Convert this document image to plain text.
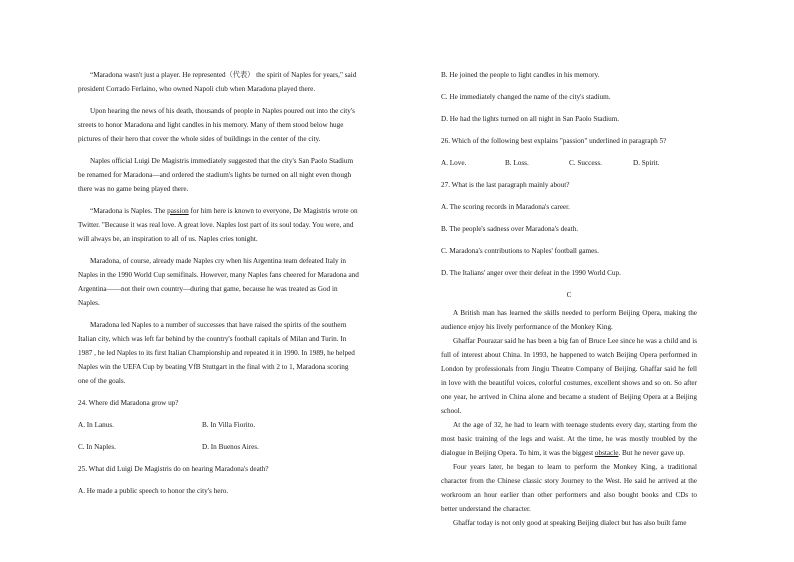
“Maradona wasn't just a player. He represented（代表） the spirit of Naples for years," said president Corrado Ferlaino, who owned Napoli club when Maradona played there.

Upon hearing the news of his death, thousands of people in Naples poured out into the city's streets to honor Maradona and light candles in his memory. Many of them stood below huge pictures of their hero that cover the whole sides of buildings in the center of the city.

Naples official Luigi De Magistris immediately suggested that the city's San Paolo Stadium be renamed for Maradona—and ordered the stadium's lights be turned on all night even though there was no game being played there.

“Maradona is Naples. The passion for him here is known to everyone, De Magistris wrote on Twitter. "Because it was real love. A great love. Naples lost part of its soul today. You were, and will always be, an inspiration to all of us. Naples cries tonight.

Maradona, of course, already made Naples cry when his Argentina team defeated Italy in Naples in the 1990 World Cup semifinals. However, many Naples fans cheered for Maradona and Argentina——not their own country—during that game, because he was treated as God in Naples.

Maradona led Naples to a number of successes that have raised the spirits of the southern Italian city, which was left far behind by the country's football capitals of Milan and Turin. In 1987 , he led Naples to its first Italian Championship and repeated it in 1990. In 1989, he helped Naples win the UEFA Cup by beating VfB Stuttgart in the final with 2 to 1, Maradona scoring one of the goals.

24. Where did Maradona grow up?

A. In Lanus.	B. In Villa Fiorito.
C. In Naples.	D. In Buenos Aires.

25. What did Luigi De Magistris do on hearing Maradona's death?

A. He made a public speech to honor the city's hero.

B. He joined the people to light candles in his memory.

C. He immediately changed the name of the city's stadium.

D. He had the lights turned on all night in San Paolo Stadium.

26. Which of the following best explains "passion" underlined in paragraph 5?

A. Love.	B. Loss.	C. Success.	D. Spirit.

27. What is the last paragraph mainly about?

A. The scoring records in Maradona's career.

B. The people's sadness over Maradona's death.

C. Maradona's contributions to Naples' football games.

D. The Italians' anger over their defeat in the 1990 World Cup.

C

A British man has learned the skills needed to perform Beijing Opera, making the audience enjoy his lively performance of the Monkey King.

Ghaffar Pourazar said he has been a big fan of Bruce Lee since he was a child and is full of interest about China. In 1993, he happened to watch Beijing Opera performed in London by professionals from Jingju Theatre Company of Beijing. Ghaffar said he fell in love with the beautiful voices, colorful costumes, excellent shows and so on. So after one year, he arrived in China alone and became a student of Beijing Opera at a Beijing school.

At the age of 32, he had to learn with teenage students every day, starting from the most basic training of the legs and waist. At the time, he was mostly troubled by the dialogue in Beijing Opera. To him, it was the biggest obstacle. But he never gave up.

Four years later, he began to learn to perform the Monkey King, a traditional character from the Chinese classic story Journey to the West. He said he arrived at the workroom an hour earlier than other performers and also bought books and CDs to better understand the character.

Ghaffar today is not only good at speaking Beijing dialect but has also built fame
